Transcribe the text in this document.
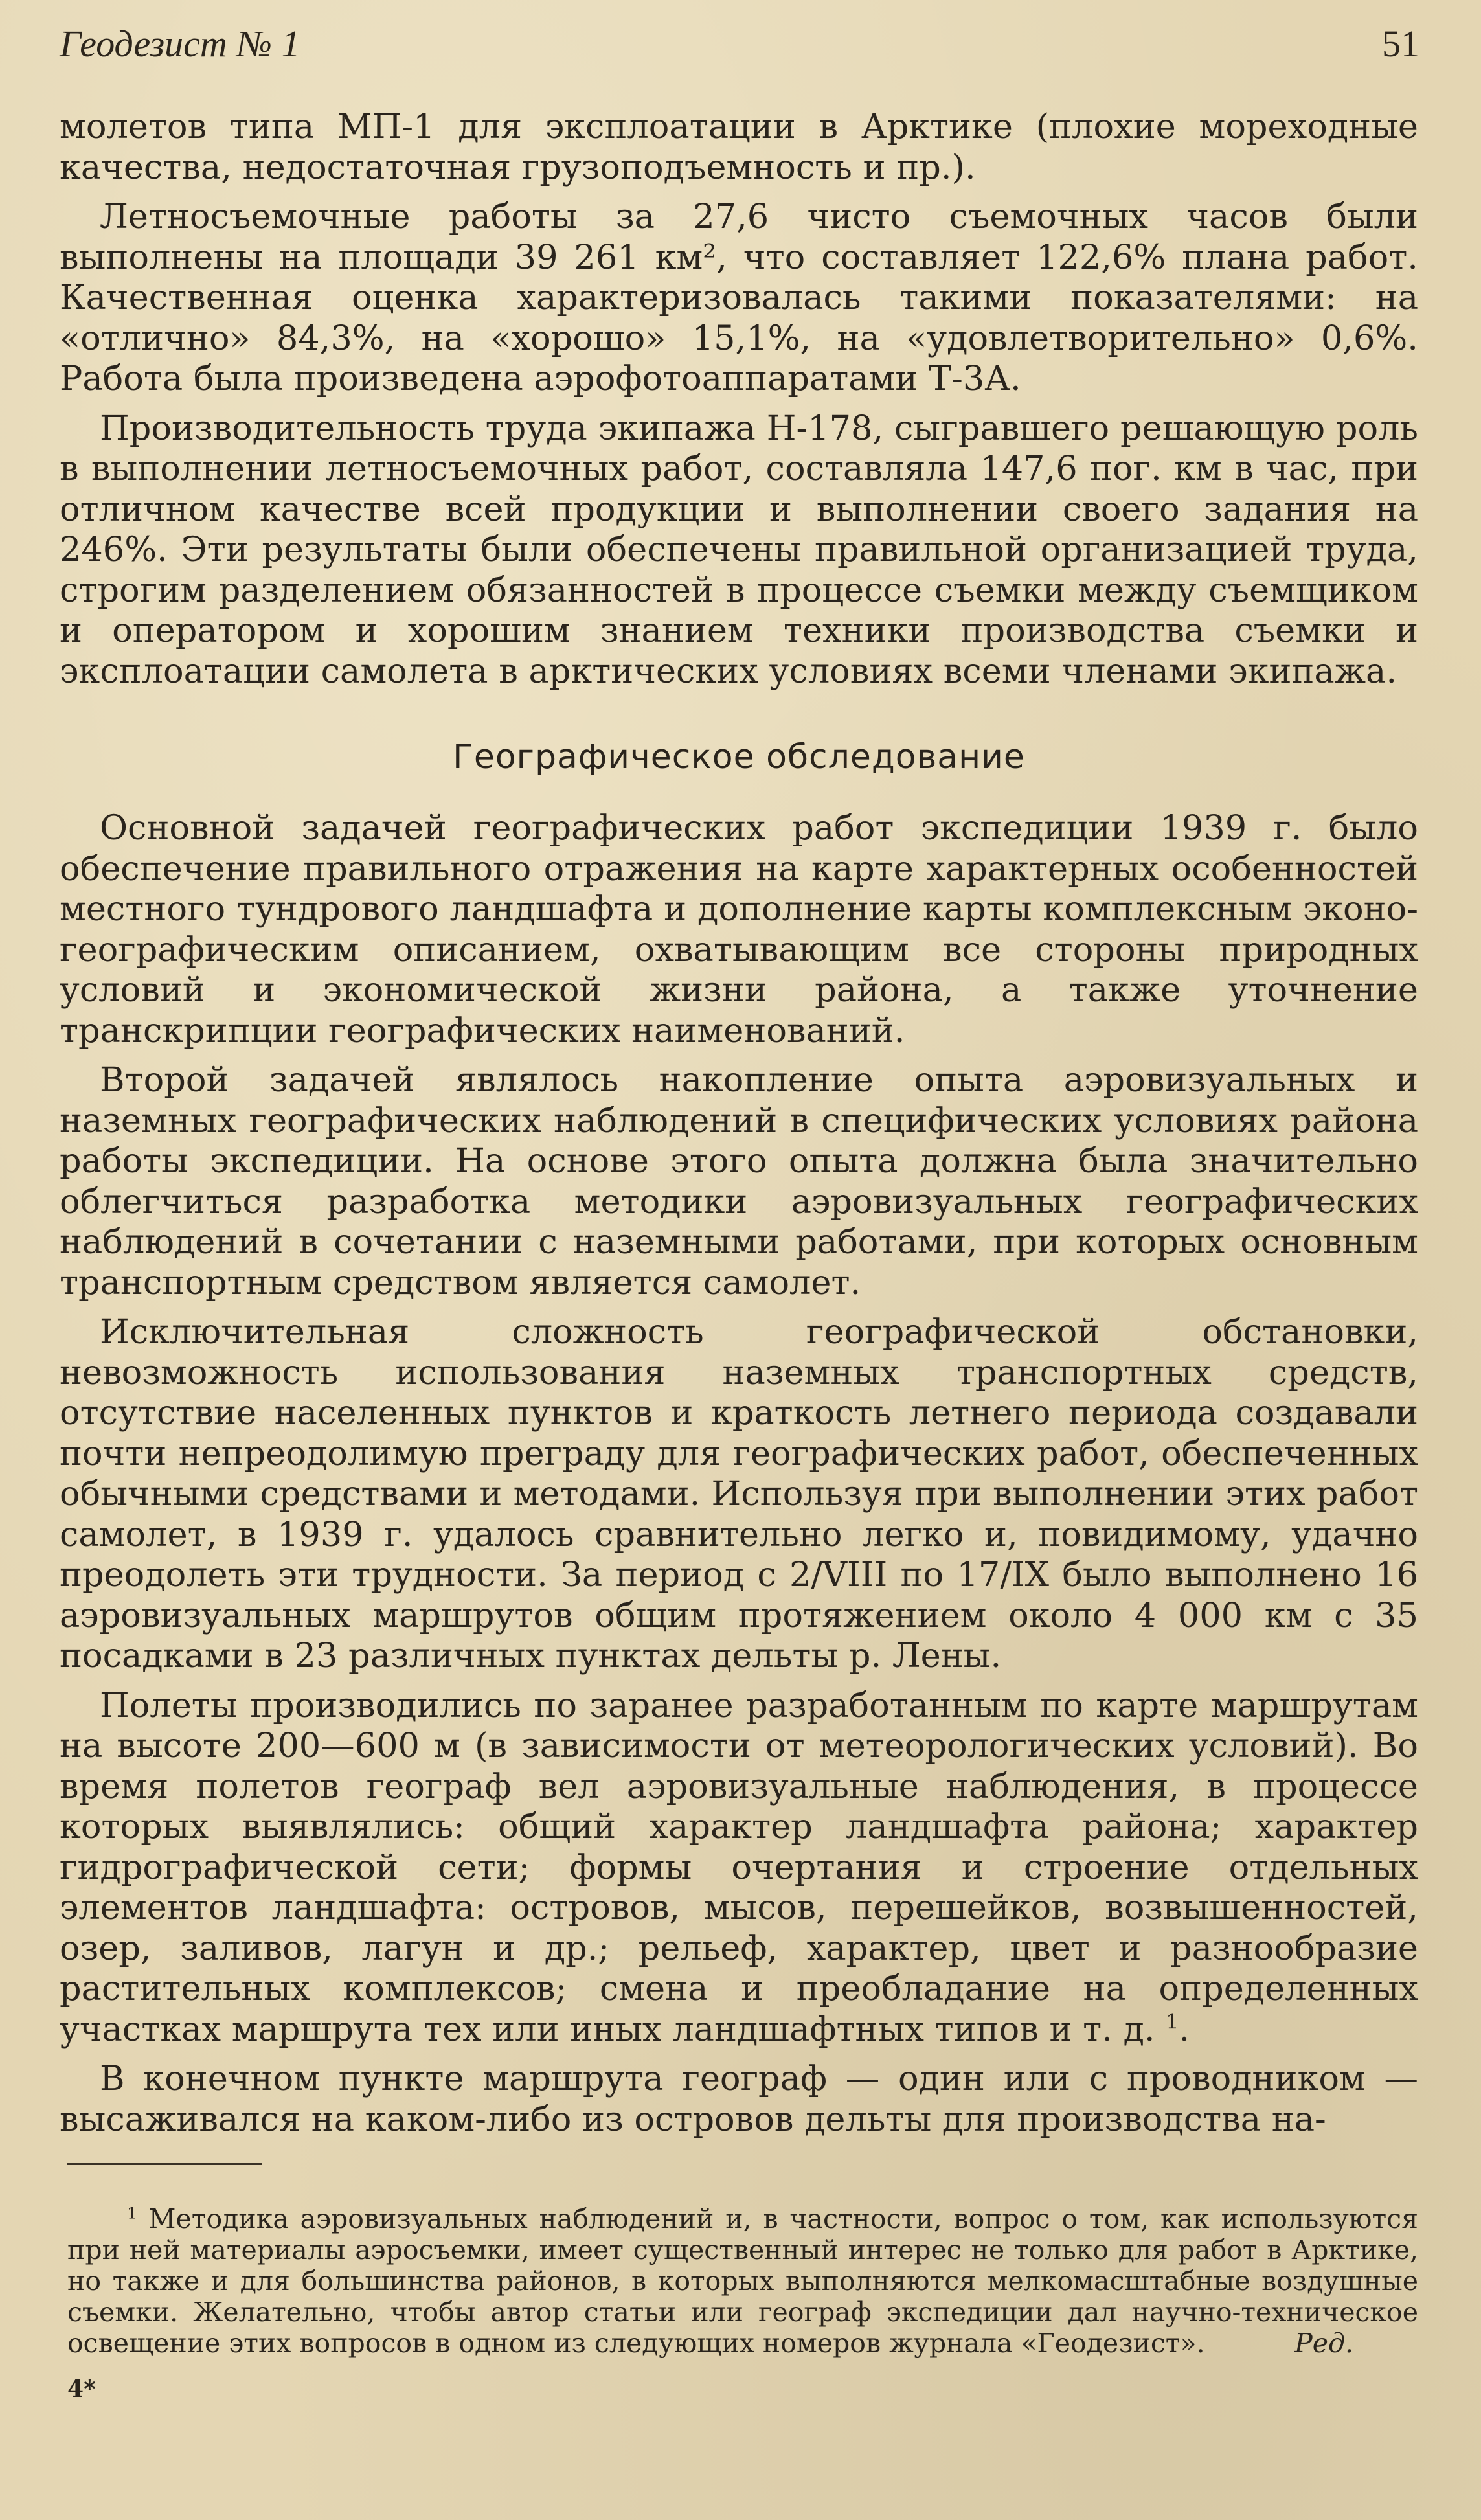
Геодезист № 1	51

молетов типа МП-1 для эксплоатации в Арктике (плохие мореходные качества, недостаточная грузоподъемность и пр.).

Летносъемочные работы за 27,6 чисто съемочных часов были выполнены на площади 39 261 км², что составляет 122,6% плана работ. Качественная оценка характеризовалась такими показателями: на «отлично» 84,3%, на «хорошо» 15,1%, на «удовлетворительно» 0,6%. Работа была произведена аэрофотоаппаратами Т-3А.

Производительность труда экипажа Н-178, сыгравшего решающую роль в выполнении летносъемочных работ, составляла 147,6 пог. км в час, при отличном качестве всей продукции и выполнении своего задания на 246%. Эти результаты были обеспечены правильной организацией труда, строгим разделением обязанностей в процессе съемки между съемщиком и оператором и хорошим знанием техники производства съемки и эксплоатации самолета в арктических условиях всеми членами экипажа.

Географическое обследование

Основной задачей географических работ экспедиции 1939 г. было обеспечение правильного отражения на карте характерных особенностей местного тундрового ландшафта и дополнение карты комплексным эконо-географическим описанием, охватывающим все стороны природных условий и экономической жизни района, а также уточнение транскрипции географических наименований.

Второй задачей являлось накопление опыта аэровизуальных и наземных географических наблюдений в специфических условиях района работы экспедиции. На основе этого опыта должна была значительно облегчиться разработка методики аэровизуальных географических наблюдений в сочетании с наземными работами, при которых основным транспортным средством является самолет.

Исключительная сложность географической обстановки, невозможность использования наземных транспортных средств, отсутствие населенных пунктов и краткость летнего периода создавали почти непреодолимую преграду для географических работ, обеспеченных обычными средствами и методами. Используя при выполнении этих работ самолет, в 1939 г. удалось сравнительно легко и, повидимому, удачно преодолеть эти трудности. За период с 2/VIII по 17/IX было выполнено 16 аэровизуальных маршрутов общим протяжением около 4 000 км с 35 посадками в 23 различных пунктах дельты р. Лены.

Полеты производились по заранее разработанным по карте маршрутам на высоте 200—600 м (в зависимости от метеорологических условий). Во время полетов географ вел аэровизуальные наблюдения, в процессе которых выявлялись: общий характер ландшафта района; характер гидрографической сети; формы очертания и строение отдельных элементов ландшафта: островов, мысов, перешейков, возвышенностей, озер, заливов, лагун и др.; рельеф, характер, цвет и разнообразие растительных комплексов; смена и преобладание на определенных участках маршрута тех или иных ландшафтных типов и т. д. $^1$.

В конечном пункте маршрута географ — один или с проводником — высаживался на каком-либо из островов дельты для производства на-

$^1$ Методика аэровизуальных наблюдений и, в частности, вопрос о том, как используются при ней материалы аэросъемки, имеет существенный интерес не только для работ в Арктике, но также и для большинства районов, в которых выполняются мелкомасштабные воздушные съемки. Желательно, чтобы автор статьи или географ экспедиции дал научно-техническое освещение этих вопросов в одном из следующих номеров журнала «Геодезист».	Ред.

4*
